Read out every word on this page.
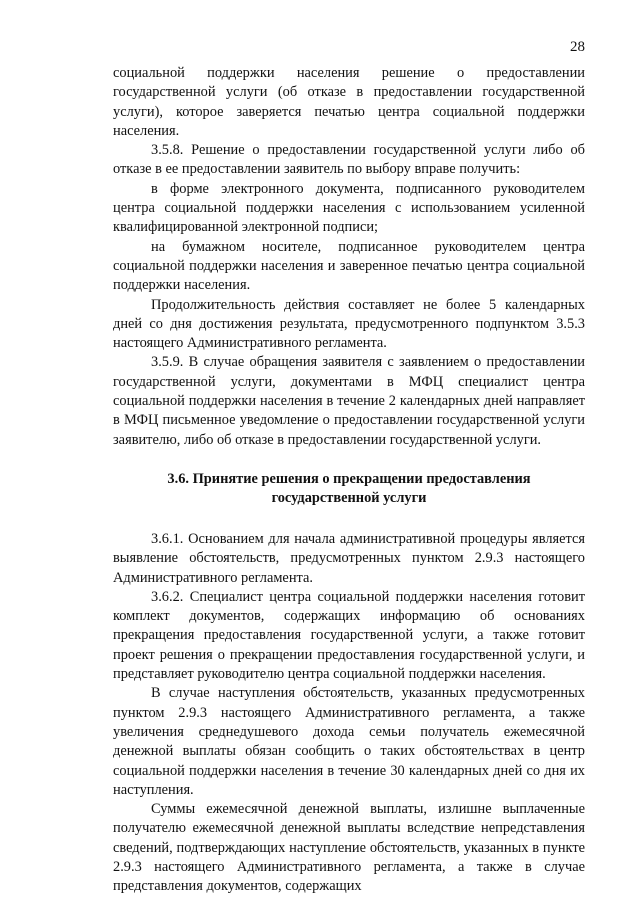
28

социальной поддержки населения решение о предоставлении государственной услуги (об отказе в предоставлении государственной услуги), которое заверяется печатью центра социальной поддержки населения.

3.5.8. Решение о предоставлении государственной услуги либо об отказе в ее предоставлении заявитель по выбору вправе получить:

в форме электронного документа, подписанного руководителем центра социальной поддержки населения с использованием усиленной квалифицированной электронной подписи;

на бумажном носителе, подписанное руководителем центра социальной поддержки населения и заверенное печатью центра социальной поддержки населения.

Продолжительность действия составляет не более 5 календарных дней со дня достижения результата, предусмотренного подпунктом 3.5.3 настоящего Административного регламента.

3.5.9. В случае обращения заявителя с заявлением о предоставлении государственной услуги, документами в МФЦ специалист центра социальной поддержки населения в течение 2 календарных дней направляет в МФЦ письменное уведомление о предоставлении государственной услуги заявителю, либо об отказе в предоставлении государственной услуги.

3.6. Принятие решения о прекращении предоставления
государственной услуги

3.6.1. Основанием для начала административной процедуры является выявление обстоятельств, предусмотренных пунктом 2.9.3 настоящего Административного регламента.

3.6.2. Специалист центра социальной поддержки населения готовит комплект документов, содержащих информацию об основаниях прекращения предоставления государственной услуги, а также готовит проект решения о прекращении предоставления государственной услуги, и представляет руководителю центра социальной поддержки населения.

В случае наступления обстоятельств, указанных предусмотренных пунктом 2.9.3 настоящего Административного регламента, а также увеличения среднедушевого дохода семьи получатель ежемесячной денежной выплаты обязан сообщить о таких обстоятельствах в центр социальной поддержки населения в течение 30 календарных дней со дня их наступления.

Суммы ежемесячной денежной выплаты, излишне выплаченные получателю ежемесячной денежной выплаты вследствие непредставления сведений, подтверждающих наступление обстоятельств, указанных в пункте 2.9.3 настоящего Административного регламента, а также в случае представления документов, содержащих
